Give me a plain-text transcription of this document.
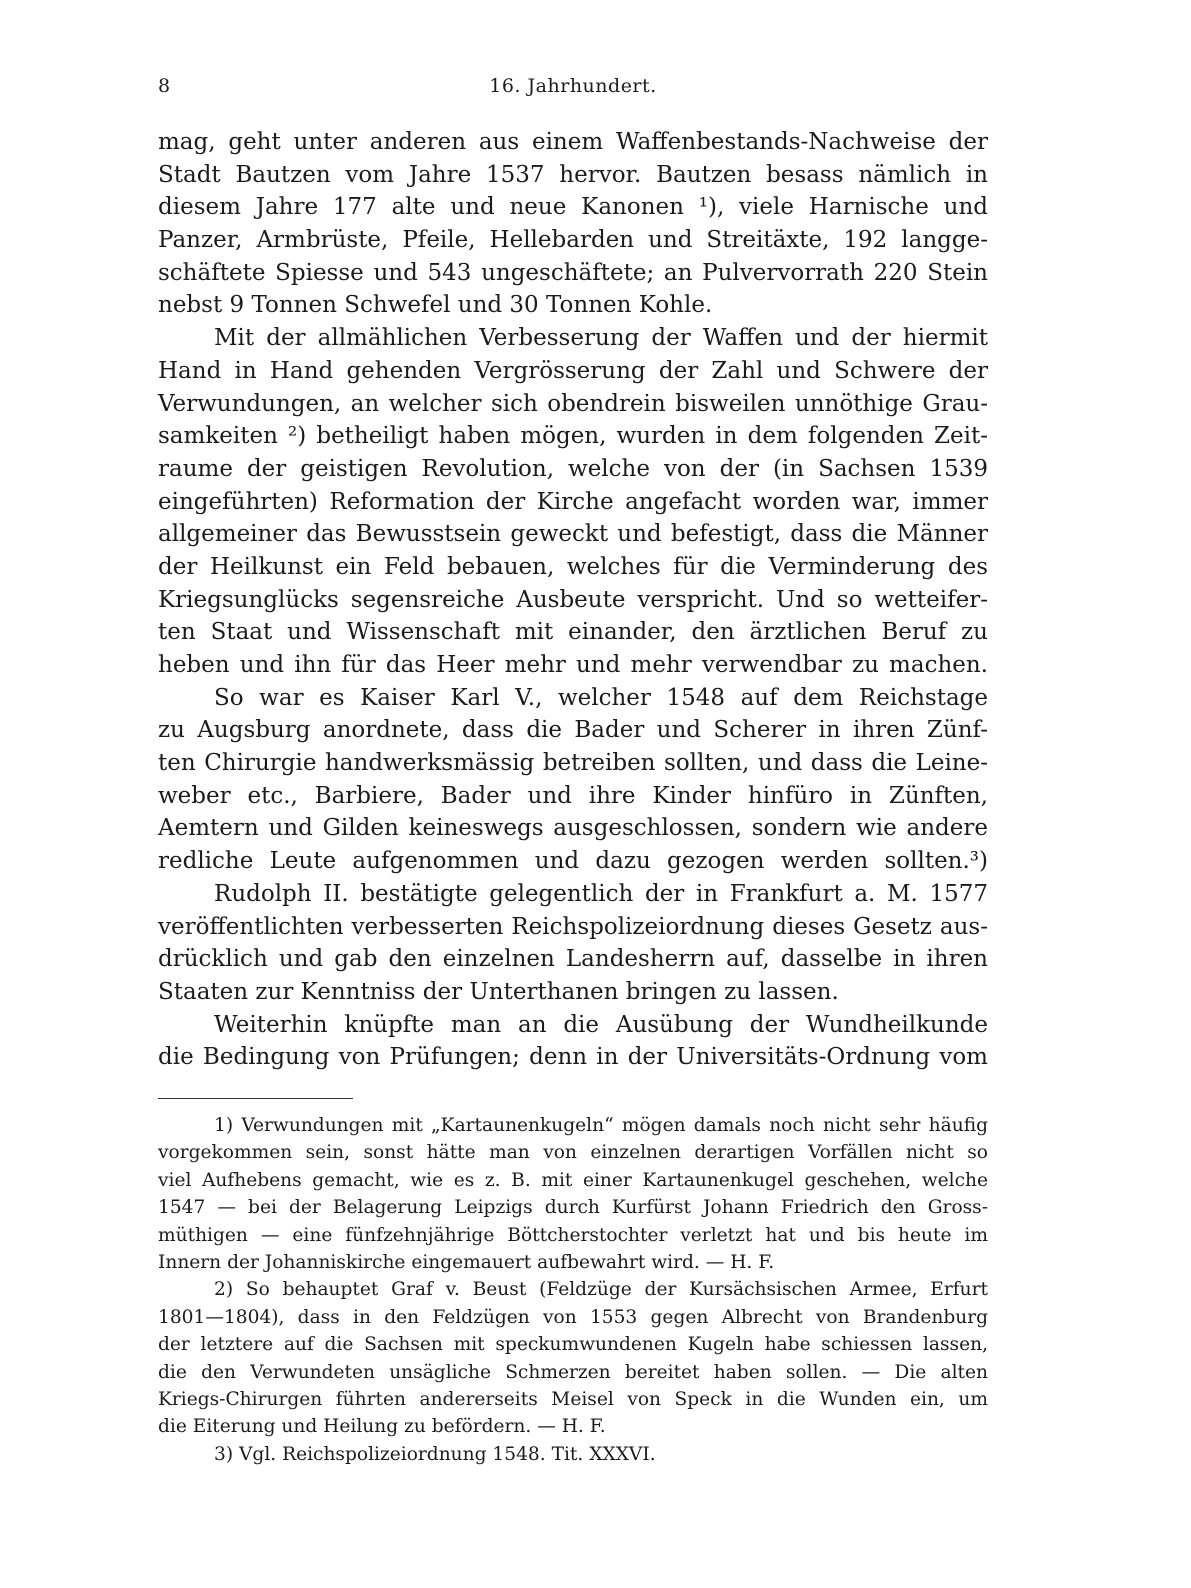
8	16. Jahrhundert.
mag, geht unter anderen aus einem Waffenbestands-Nachweise der
Stadt Bautzen vom Jahre 1537 hervor. Bautzen besass nämlich in
diesem Jahre 177 alte und neue Kanonen ¹), viele Harnische und
Panzer, Armbrüste, Pfeile, Hellebarden und Streitäxte, 192 langge-
schäftete Spiesse und 543 ungeschäftete; an Pulvervorrath 220 Stein
nebst 9 Tonnen Schwefel und 30 Tonnen Kohle.
Mit der allmählichen Verbesserung der Waffen und der hiermit
Hand in Hand gehenden Vergrösserung der Zahl und Schwere der
Verwundungen, an welcher sich obendrein bisweilen unnöthige Grau-
samkeiten ²) betheiligt haben mögen, wurden in dem folgenden Zeit-
raume der geistigen Revolution, welche von der (in Sachsen 1539
eingeführten) Reformation der Kirche angefacht worden war, immer
allgemeiner das Bewusstsein geweckt und befestigt, dass die Männer
der Heilkunst ein Feld bebauen, welches für die Verminderung des
Kriegsunglücks segensreiche Ausbeute verspricht. Und so wetteifer-
ten Staat und Wissenschaft mit einander, den ärztlichen Beruf zu
heben und ihn für das Heer mehr und mehr verwendbar zu machen.
So war es Kaiser Karl V., welcher 1548 auf dem Reichstage
zu Augsburg anordnete, dass die Bader und Scherer in ihren Zünf-
ten Chirurgie handwerksmässig betreiben sollten, und dass die Leine-
weber etc., Barbiere, Bader und ihre Kinder hinfüro in Zünften,
Aemtern und Gilden keineswegs ausgeschlossen, sondern wie andere
redliche Leute aufgenommen und dazu gezogen werden sollten.³)
Rudolph II. bestätigte gelegentlich der in Frankfurt a. M. 1577
veröffentlichten verbesserten Reichspolizeiordnung dieses Gesetz aus-
drücklich und gab den einzelnen Landesherrn auf, dasselbe in ihren
Staaten zur Kenntniss der Unterthanen bringen zu lassen.
Weiterhin knüpfte man an die Ausübung der Wundheilkunde
die Bedingung von Prüfungen; denn in der Universitäts-Ordnung vom
1) Verwundungen mit „Kartaunenkugeln“ mögen damals noch nicht sehr häufig
vorgekommen sein, sonst hätte man von einzelnen derartigen Vorfällen nicht so
viel Aufhebens gemacht, wie es z. B. mit einer Kartaunenkugel geschehen, welche
1547 — bei der Belagerung Leipzigs durch Kurfürst Johann Friedrich den Gross-
müthigen — eine fünfzehnjährige Böttcherstochter verletzt hat und bis heute im
Innern der Johanniskirche eingemauert aufbewahrt wird. — H. F.
2) So behauptet Graf v. Beust (Feldzüge der Kursächsischen Armee, Erfurt
1801—1804), dass in den Feldzügen von 1553 gegen Albrecht von Brandenburg
der letztere auf die Sachsen mit speckumwundenen Kugeln habe schiessen lassen,
die den Verwundeten unsägliche Schmerzen bereitet haben sollen. — Die alten
Kriegs-Chirurgen führten andererseits Meisel von Speck in die Wunden ein, um
die Eiterung und Heilung zu befördern. — H. F.
3) Vgl. Reichspolizeiordnung 1548. Tit. XXXVI.
